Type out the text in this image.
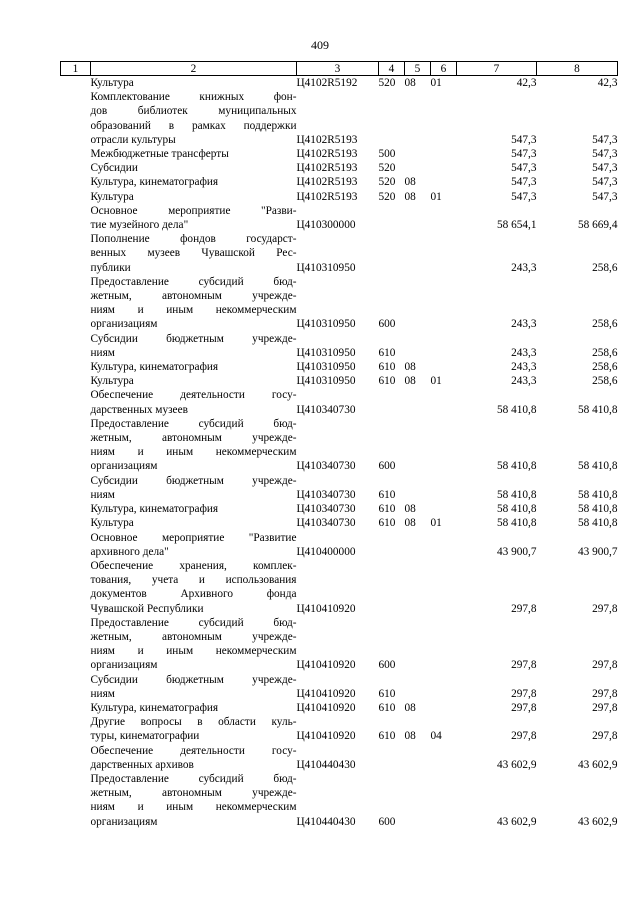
409
1	2	3	4	5	6	7	8

	Культура	Ц4102R5192	520	08	01	42,3	42,3

	Комплектование книжных фон-
дов библиотек муниципальных
образований в рамках поддержки
отрасли культуры	Ц4102R5193				547,3	547,3

	Межбюджетные трансферты	Ц4102R5193	500			547,3	547,3

	Субсидии	Ц4102R5193	520			547,3	547,3

	Культура, кинематография	Ц4102R5193	520	08		547,3	547,3

	Культура	Ц4102R5193	520	08	01	547,3	547,3

	Основное мероприятие "Разви-
тие музейного дела"	Ц410300000				58 654,1	58 669,4

	Пополнение фондов государст-
венных музеев Чувашской Рес-
публики	Ц410310950				243,3	258,6

	Предоставление субсидий бюд-
жетным, автономным учрежде-
ниям и иным некоммерческим
организациям	Ц410310950	600			243,3	258,6

	Субсидии бюджетным учрежде-
ниям	Ц410310950	610			243,3	258,6

	Культура, кинематография	Ц410310950	610	08		243,3	258,6

	Культура	Ц410310950	610	08	01	243,3	258,6

	Обеспечение деятельности госу-
дарственных музеев	Ц410340730				58 410,8	58 410,8

	Предоставление субсидий бюд-
жетным, автономным учрежде-
ниям и иным некоммерческим
организациям	Ц410340730	600			58 410,8	58 410,8

	Субсидии бюджетным учрежде-
ниям	Ц410340730	610			58 410,8	58 410,8

	Культура, кинематография	Ц410340730	610	08		58 410,8	58 410,8

	Культура	Ц410340730	610	08	01	58 410,8	58 410,8

	Основное мероприятие "Развитие
архивного дела"	Ц410400000				43 900,7	43 900,7

	Обеспечение хранения, комплек-
тования, учета и использования
документов Архивного фонда
Чувашской Республики	Ц410410920				297,8	297,8

	Предоставление субсидий бюд-
жетным, автономным учрежде-
ниям и иным некоммерческим
организациям	Ц410410920	600			297,8	297,8

	Субсидии бюджетным учрежде-
ниям	Ц410410920	610			297,8	297,8

	Культура, кинематография	Ц410410920	610	08		297,8	297,8

	Другие вопросы в области куль-
туры, кинематографии	Ц410410920	610	08	04	297,8	297,8

	Обеспечение деятельности госу-
дарственных архивов	Ц410440430				43 602,9	43 602,9

	Предоставление субсидий бюд-
жетным, автономным учрежде-
ниям и иным некоммерческим
организациям	Ц410440430	600			43 602,9	43 602,9
